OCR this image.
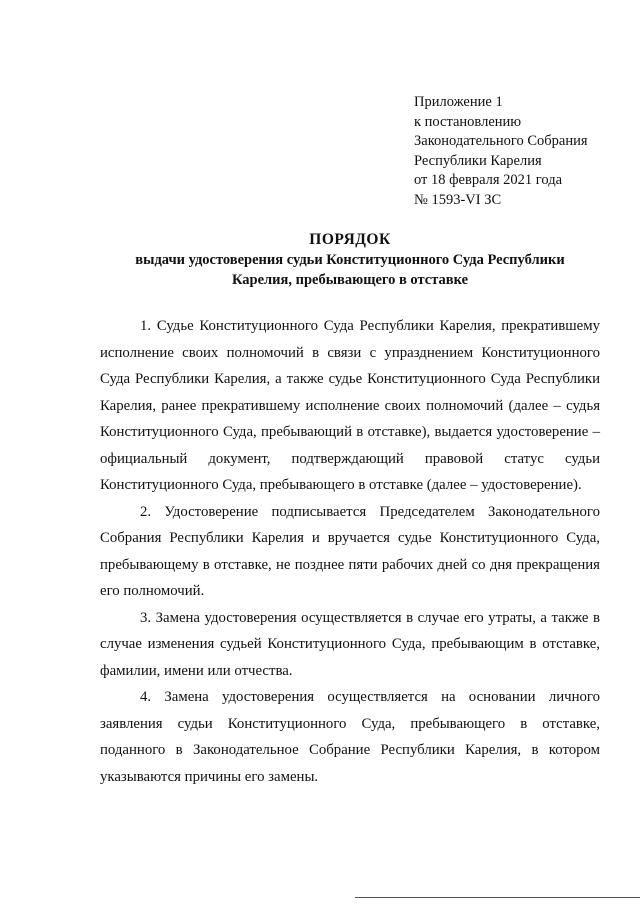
Приложение 1
к постановлению
Законодательного Собрания
Республики Карелия
от 18 февраля 2021 года
№ 1593-VI ЗС
ПОРЯДОК
выдачи удостоверения судьи Конституционного Суда Республики
Карелия, пребывающего в отставке

1. Судье Конституционного Суда Республики Карелия, прекратившему исполнение своих полномочий в связи с упразднением Конституционного Суда Республики Карелия, а также судье Конституционного Суда Республики Карелия, ранее прекратившему исполнение своих полномочий (далее – судья Конституционного Суда, пребывающий в отставке), выдается удостоверение – официальный документ, подтверждающий правовой статус судьи Конституционного Суда, пребывающего в отставке (далее – удостоверение).

2. Удостоверение подписывается Председателем Законодательного Собрания Республики Карелия и вручается судье Конституционного Суда, пребывающему в отставке, не позднее пяти рабочих дней со дня прекращения его полномочий.

3. Замена удостоверения осуществляется в случае его утраты, а также в случае изменения судьей Конституционного Суда, пребывающим в отставке, фамилии, имени или отчества.

4. Замена удостоверения осуществляется на основании личного заявления судьи Конституционного Суда, пребывающего в отставке, поданного в Законодательное Собрание Республики Карелия, в котором указываются причины его замены.
